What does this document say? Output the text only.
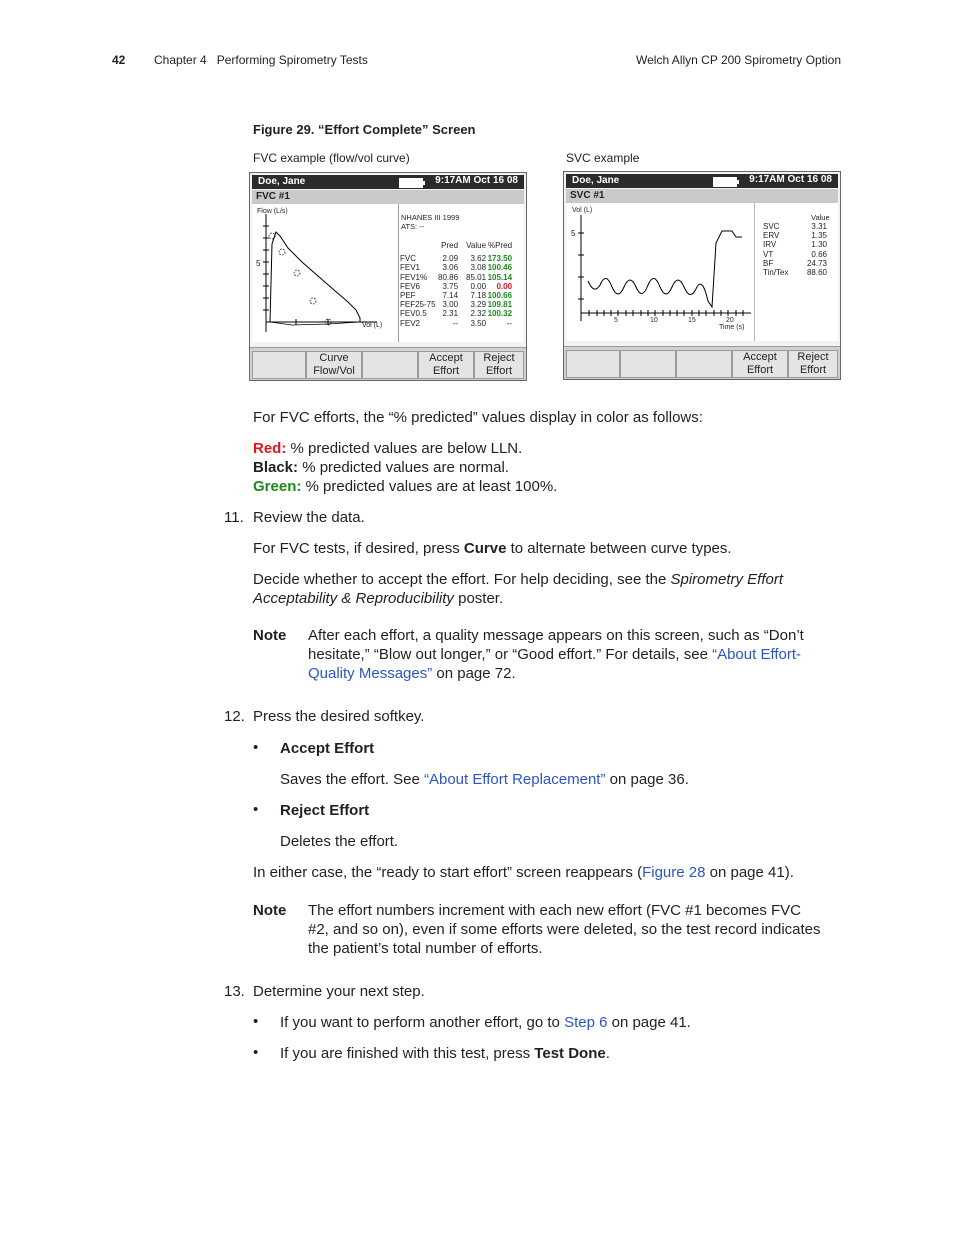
42 Chapter 4   Performing Spirometry Tests	Welch Allyn CP 200 Spirometry Option
Figure 29. “Effort Complete” Screen
FVC example (flow/vol curve)	SVC example
Doe, Jane	9:17AM Oct 16 08
FVC #1
Flow (L/s)
5
Vol (L)
NHANES III 1999
ATS: --
	Pred	Value	%Pred

FVC	2.09	3.62	173.50
FEV1	3.06	3.08	100.46
FEV1%	80.86	85.01	105.14
FEV6	3.75	0.00	0.00
PEF	7.14	7.18	100.66
FEF25-75	3.00	3.29	109.81
FEV0.5	2.31	2.32	100.32
FEV2	--	3.50	--
Curve
Flow/Vol
Accept
Effort
Reject
Effort
Doe, Jane	9:17AM Oct 16 08
SVC #1
Vol (L)
5
5	10	15	20
Time (s)
Value
SVC	3.31
ERV	1.35
IRV	1.30
VT	0.66
BF	24.73
Tin/Tex	88.60
Accept
Effort
Reject
Effort
For FVC efforts, the “% predicted” values display in color as follows:
Red: % predicted values are below LLN.
Black: % predicted values are normal.
Green: % predicted values are at least 100%.
11. Review the data.
For FVC tests, if desired, press Curve to alternate between curve types.
Decide whether to accept the effort. For help deciding, see the Spirometry Effort Acceptability & Reproducibility poster.
Note After each effort, a quality message appears on this screen, such as “Don’t
hesitate,” “Blow out longer,” or “Good effort.” For details, see “About Effort-
Quality Messages” on page 72.
12. Press the desired softkey.
• Accept Effort
Saves the effort. See “About Effort Replacement” on page 36.
• Reject Effort
Deletes the effort.
In either case, the “ready to start effort” screen reappears (Figure 28 on page 41).
Note The effort numbers increment with each new effort (FVC #1 becomes FVC
#2, and so on), even if some efforts were deleted, so the test record indicates
the patient’s total number of efforts.
13. Determine your next step.
• If you want to perform another effort, go to Step 6 on page 41.
• If you are finished with this test, press Test Done.
